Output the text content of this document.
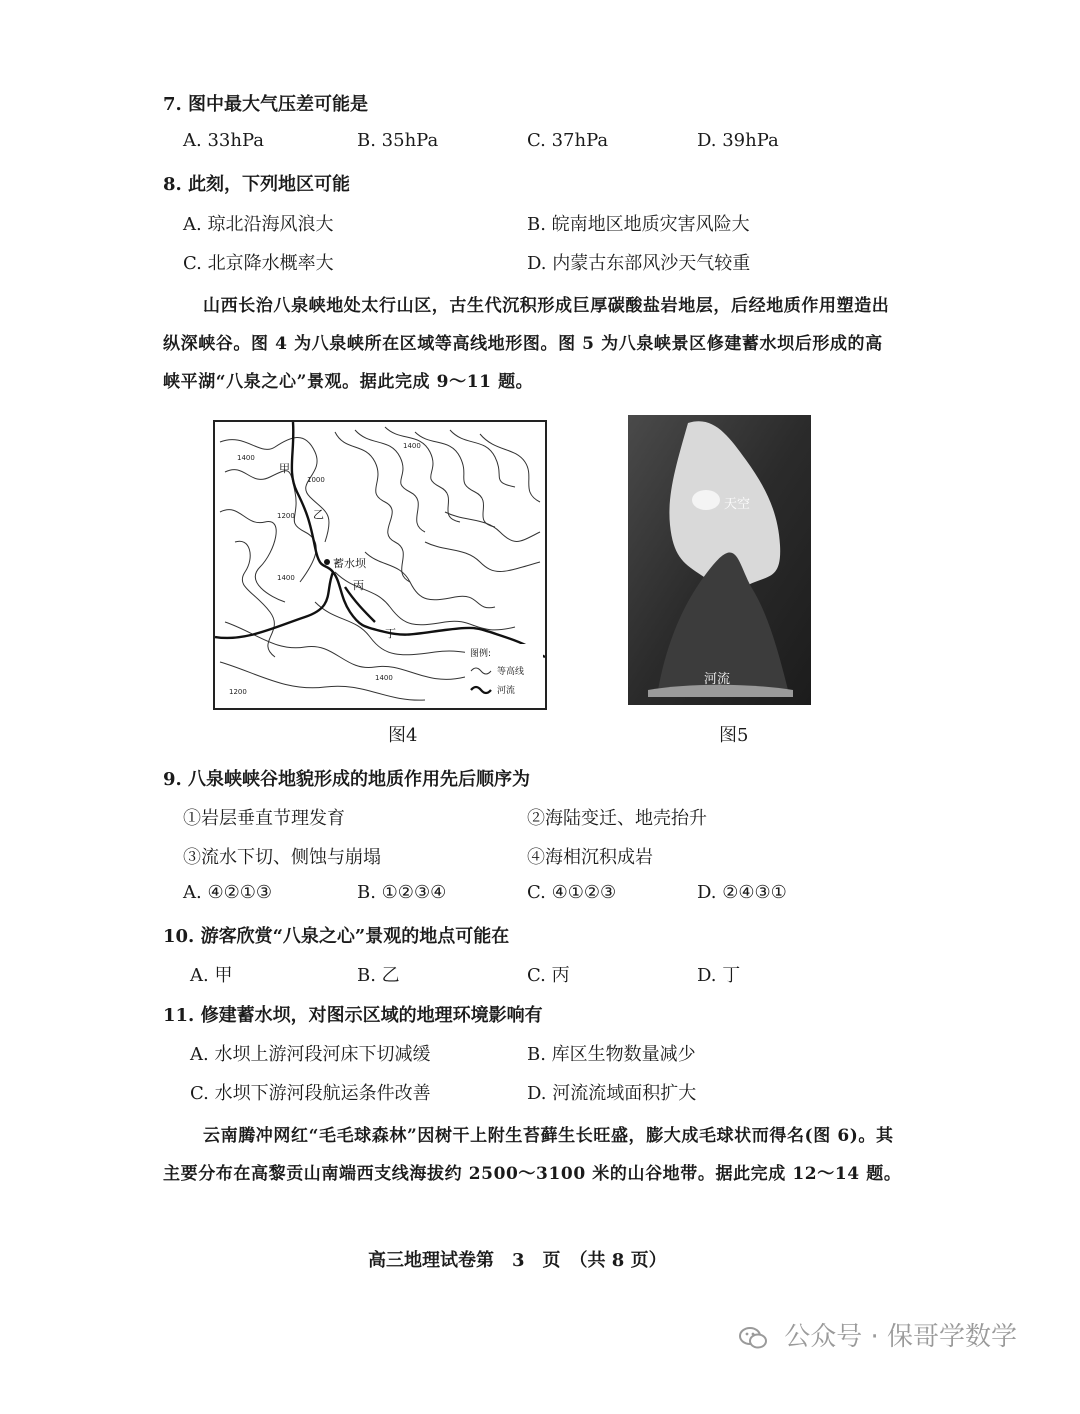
7. 图中最大气压差可能是
A. 33hPa	B. 35hPa	C. 37hPa	D. 39hPa
8. 此刻，下列地区可能
A. 琼北沿海风浪大	B. 皖南地区地质灾害风险大
C. 北京降水概率大	D. 内蒙古东部风沙天气较重
山西长治八泉峡地处太行山区，古生代沉积形成巨厚碳酸盐岩地层，后经地质作用塑造出
纵深峡谷。图 4 为八泉峡所在区域等高线地形图。图 5 为八泉峡景区修建蓄水坝后形成的高
峡平湖“八泉之心”景观。据此完成 9～11 题。
甲
乙
蓄水坝
丙
丁
1400
1000
1200
1400
1200
1400
1400
图例:
等高线
河流
天空
河流
图4	图5
9. 八泉峡峡谷地貌形成的地质作用先后顺序为
①岩层垂直节理发育	②海陆变迁、地壳抬升
③流水下切、侧蚀与崩塌	④海相沉积成岩
A. ④②①③	B. ①②③④	C. ④①②③	D. ②④③①
10. 游客欣赏“八泉之心”景观的地点可能在
A. 甲	B. 乙	C. 丙	D. 丁
11. 修建蓄水坝，对图示区域的地理环境影响有
A. 水坝上游河段河床下切减缓	B. 库区生物数量减少
C. 水坝下游河段航运条件改善	D. 河流流域面积扩大
云南腾冲网红“毛毛球森林”因树干上附生苔藓生长旺盛，膨大成毛球状而得名(图 6)。其
主要分布在高黎贡山南端西支线海拔约 2500～3100 米的山谷地带。据此完成 12～14 题。
高三地理试卷第　3　页　（共 8 页）
公众号 · 保哥学数学
